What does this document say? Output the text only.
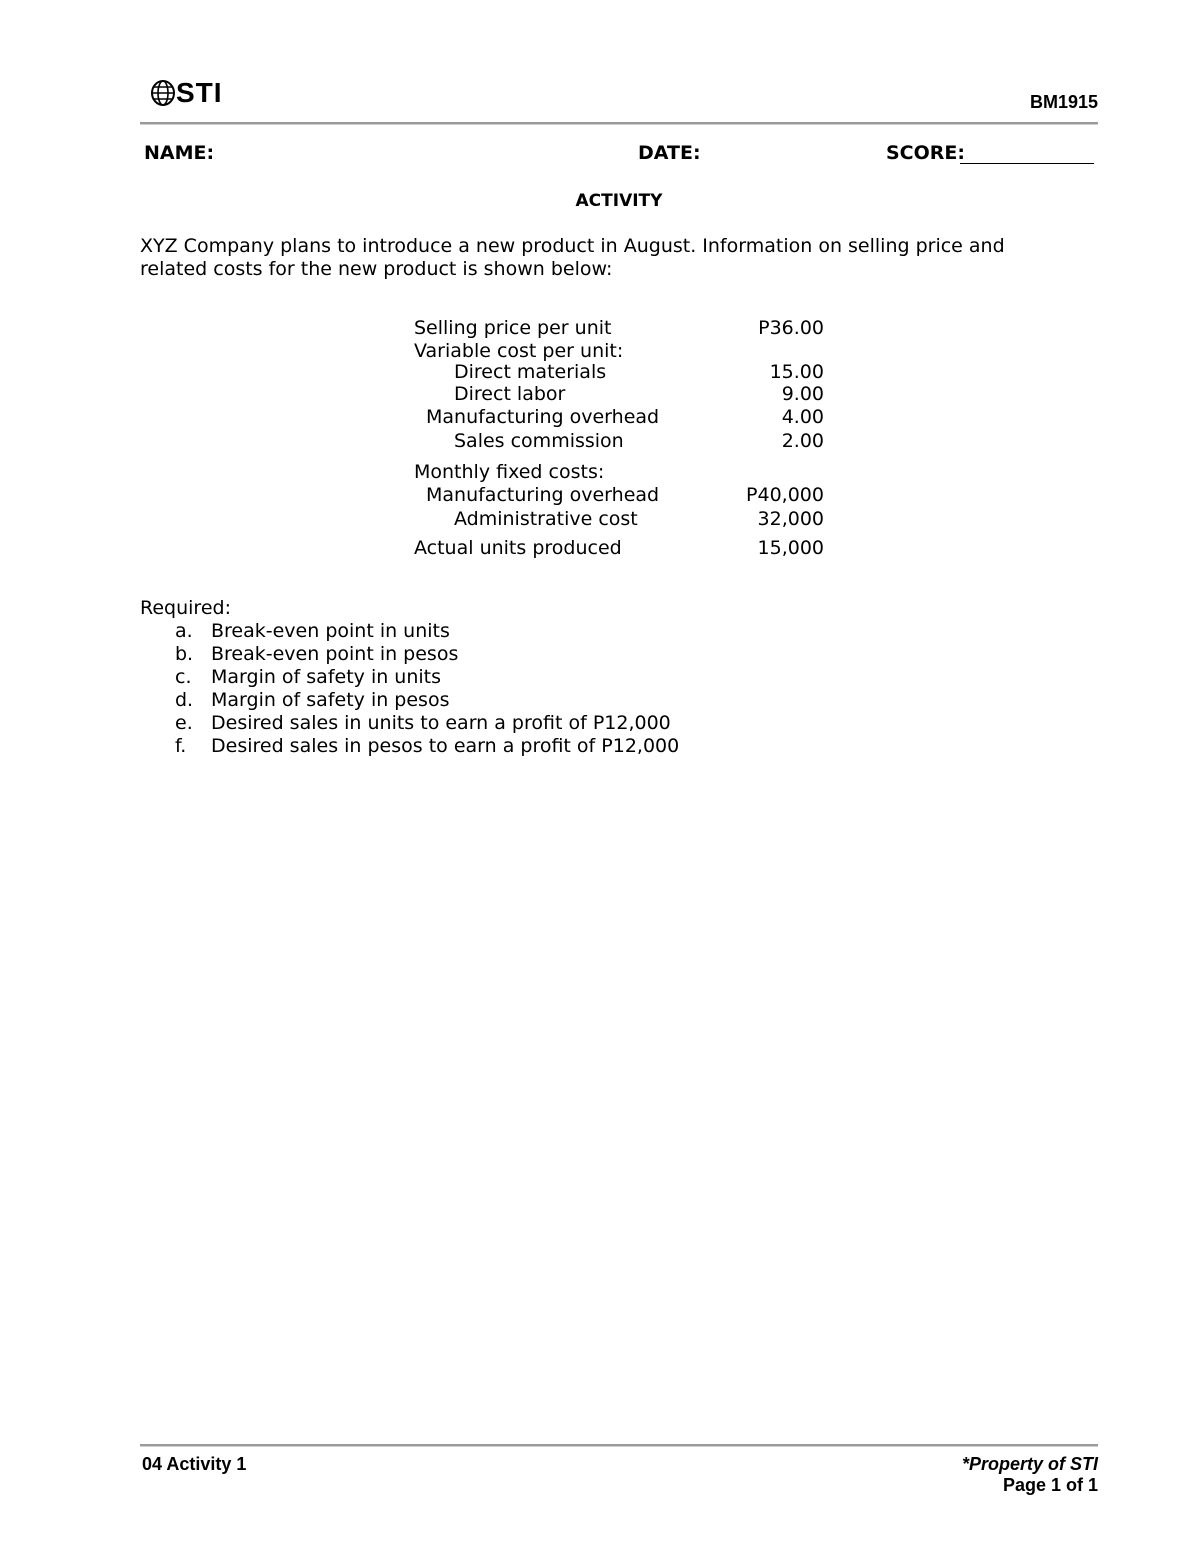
STI	BM1915
NAME:	DATE:	SCORE:
ACTIVITY
XYZ Company plans to introduce a new product in August. Information on selling price and
related costs for the new product is shown below:
Selling price per unit	P36.00
Variable cost per unit:
Direct materials	15.00
Direct labor	9.00
Manufacturing overhead	4.00
Sales commission	2.00
Monthly fixed costs:
Manufacturing overhead	P40,000
Administrative cost	32,000
Actual units produced	15,000
Required:
a. Break-even point in units
b. Break-even point in pesos
c. Margin of safety in units
d. Margin of safety in pesos
e. Desired sales in units to earn a profit of P12,000
f. Desired sales in pesos to earn a profit of P12,000
04 Activity 1	*Property of STI
Page 1 of 1
